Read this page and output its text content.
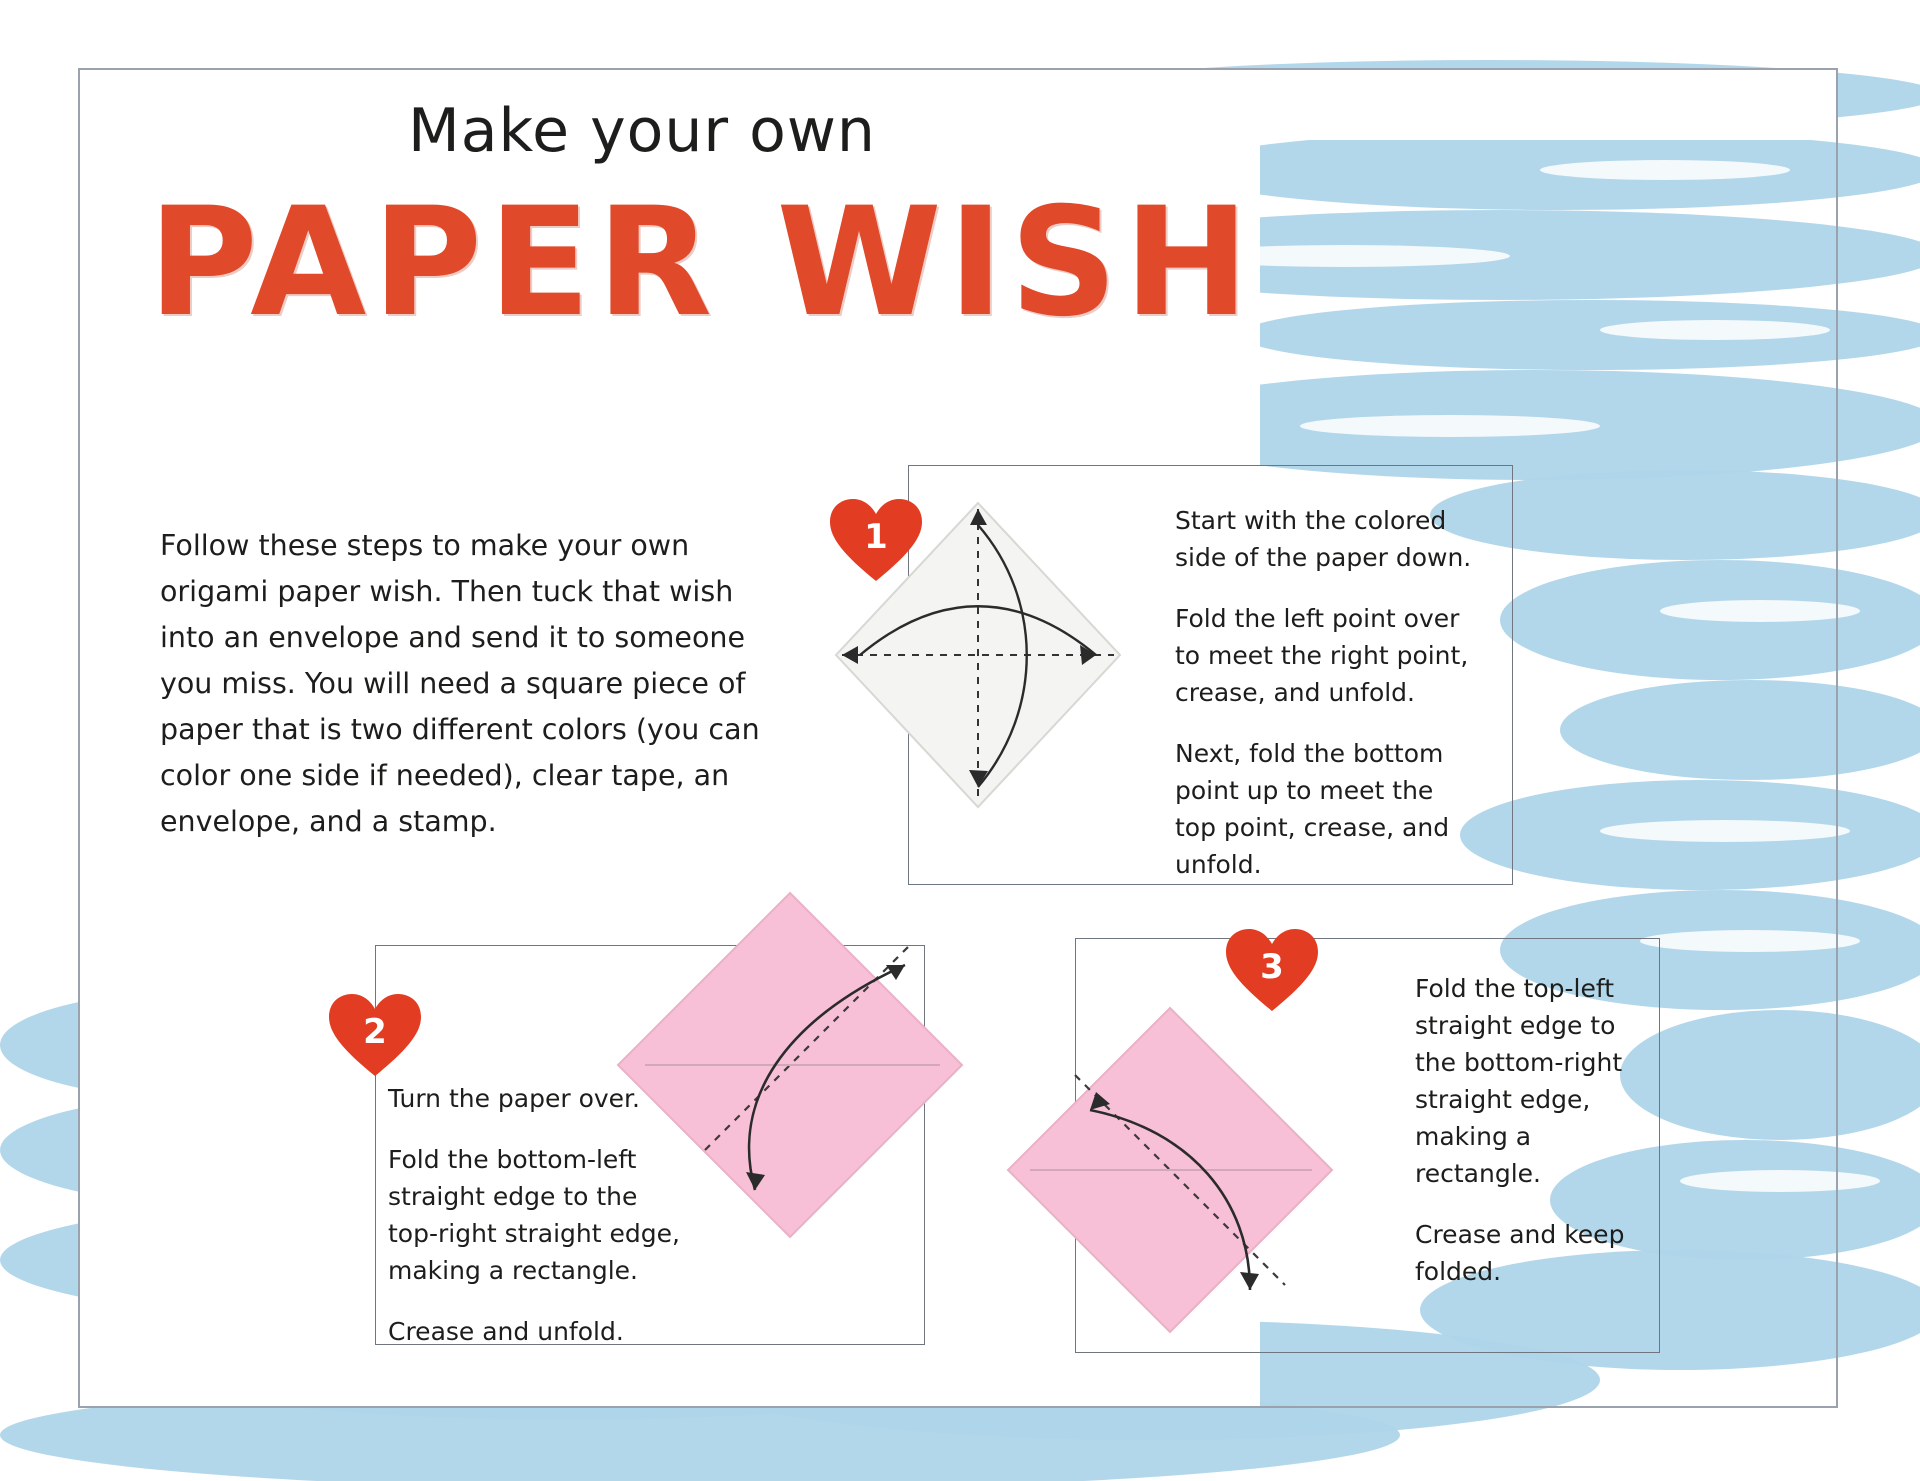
Make your own
PAPER WISH
Follow these steps to make your own origami paper wish. Then tuck that wish into an envelope and send it to someone you miss. You will need a square piece of paper that is two different colors (you can color one side if needed), clear tape, an envelope, and a stamp.
1	Start with the colored side of the paper down.

Fold the left point over to meet the right point, crease, and unfold.

Next, fold the bottom point up to meet the top point, crease, and unfold.

2

Turn the paper over.

Fold the bottom-left straight edge to the top-right straight edge, making a rectangle.

Crease and unfold.

3

Fold the top-left straight edge to the bottom-right straight edge, making a rectangle.

Crease and keep folded.
